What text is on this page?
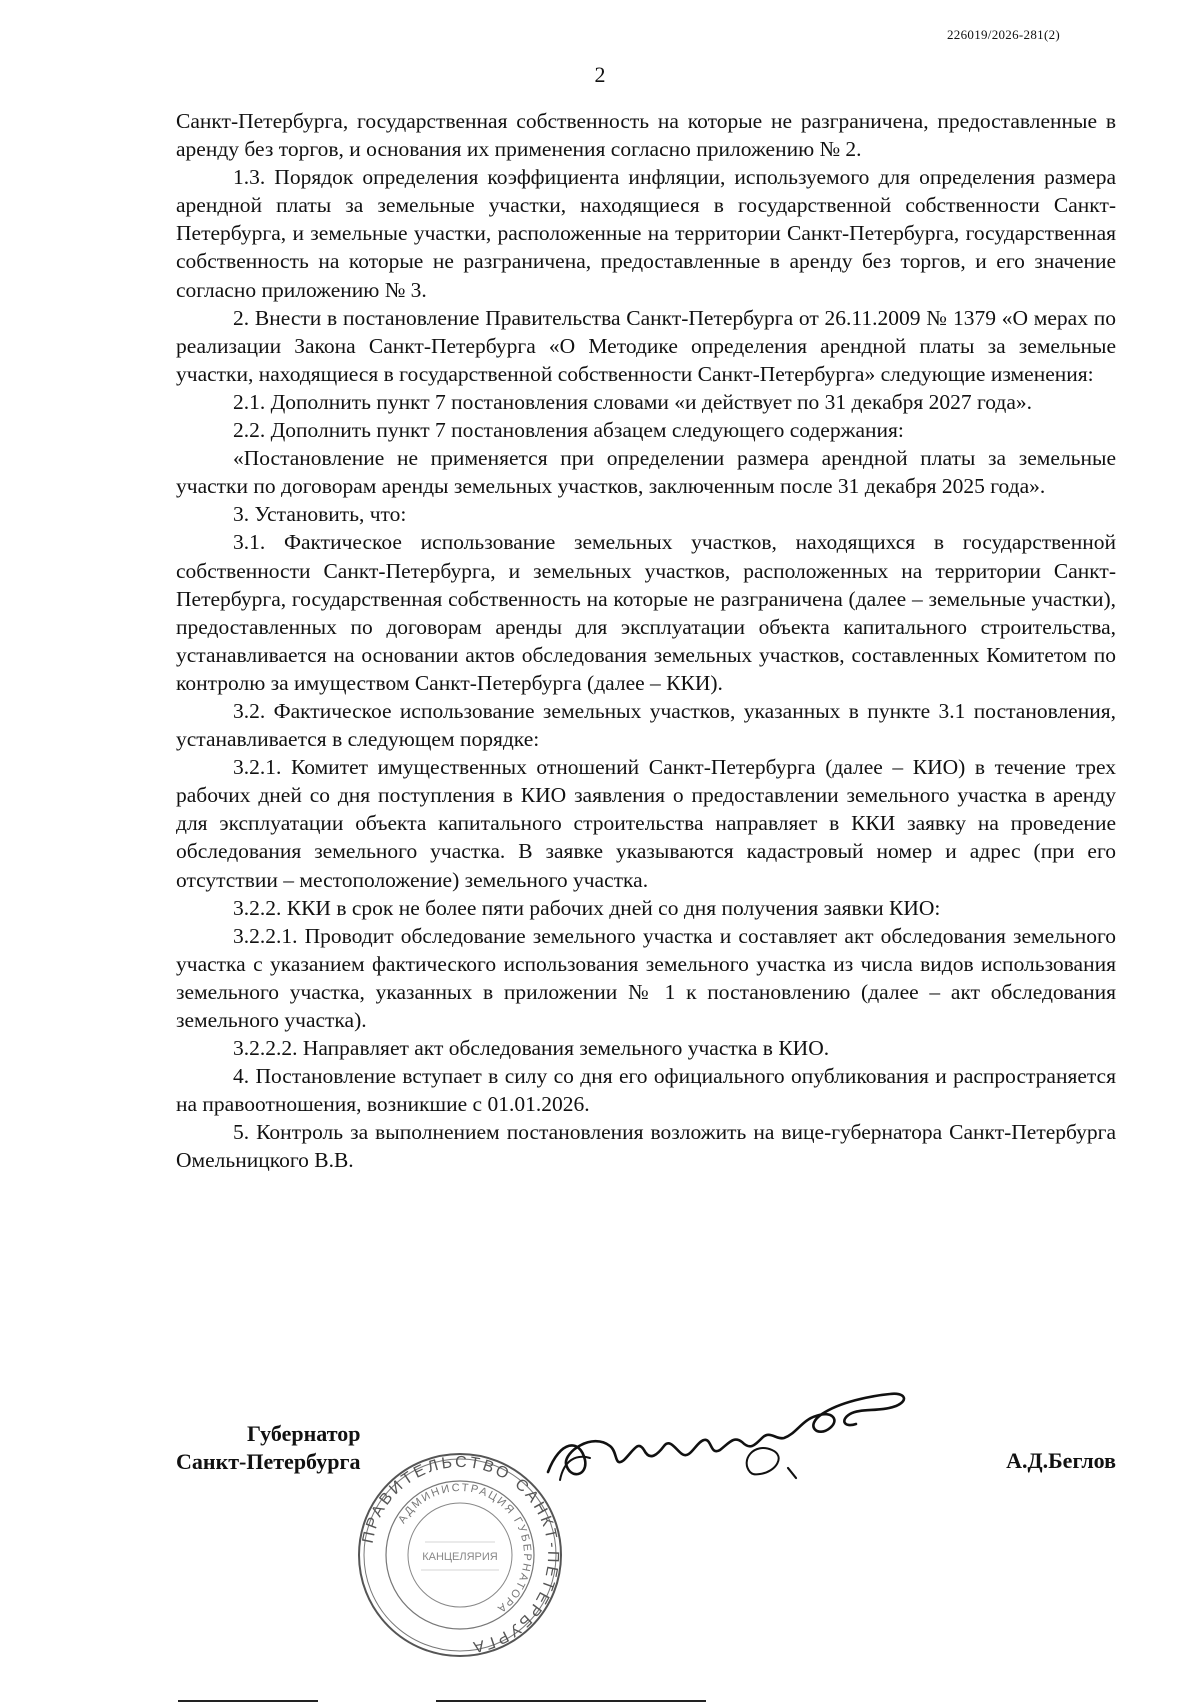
226019/2026-281(2)
2

Санкт-Петербурга, государственная собственность на которые не разграничена, предоставленные в аренду без торгов, и основания их применения согласно приложению № 2.

1.3. Порядок определения коэффициента инфляции, используемого для определения размера арендной платы за земельные участки, находящиеся в государственной собственности Санкт-Петербурга, и земельные участки, расположенные на территории Санкт-Петербурга, государственная собственность на которые не разграничена, предоставленные в аренду без торгов, и его значение согласно приложению № 3.

2. Внести в постановление Правительства Санкт-Петербурга от 26.11.2009 № 1379 «О мерах по реализации Закона Санкт-Петербурга «О Методике определения арендной платы за земельные участки, находящиеся в государственной собственности Санкт-Петербурга» следующие изменения:

2.1. Дополнить пункт 7 постановления словами «и действует по 31 декабря 2027 года».

2.2. Дополнить пункт 7 постановления абзацем следующего содержания:

«Постановление не применяется при определении размера арендной платы за земельные участки по договорам аренды земельных участков, заключенным после 31 декабря 2025 года».

3. Установить, что:

3.1. Фактическое использование земельных участков, находящихся в государственной собственности Санкт-Петербурга, и земельных участков, расположенных на территории Санкт-Петербурга, государственная собственность на которые не разграничена (далее – земельные участки), предоставленных по договорам аренды для эксплуатации объекта капитального строительства, устанавливается на основании актов обследования земельных участков, составленных Комитетом по контролю за имуществом Санкт-Петербурга (далее – ККИ).

3.2. Фактическое использование земельных участков, указанных в пункте 3.1 постановления, устанавливается в следующем порядке:

3.2.1. Комитет имущественных отношений Санкт-Петербурга (далее – КИО) в течение трех рабочих дней со дня поступления в КИО заявления о предоставлении земельного участка в аренду для эксплуатации объекта капитального строительства направляет в ККИ заявку на проведение обследования земельного участка. В заявке указываются кадастровый номер и адрес (при его отсутствии – местоположение) земельного участка.

3.2.2. ККИ в срок не более пяти рабочих дней со дня получения заявки КИО:

3.2.2.1. Проводит обследование земельного участка и составляет акт обследования земельного участка с указанием фактического использования земельного участка из числа видов использования земельного участка, указанных в приложении № 1 к постановлению (далее – акт обследования земельного участка).

3.2.2.2. Направляет акт обследования земельного участка в КИО.

4. Постановление вступает в силу со дня его официального опубликования и распространяется на правоотношения, возникшие с 01.01.2026.

5. Контроль за выполнением постановления возложить на вице-губернатора Санкт-Петербурга Омельницкого В.В.

Губернатор
Санкт-Петербурга	А.Д.Беглов
ПРАВИТЕЛЬСТВО САНКТ-ПЕТЕРБУРГА
АДМИНИСТРАЦИЯ ГУБЕРНАТОРА
КАНЦЕЛЯРИЯ
